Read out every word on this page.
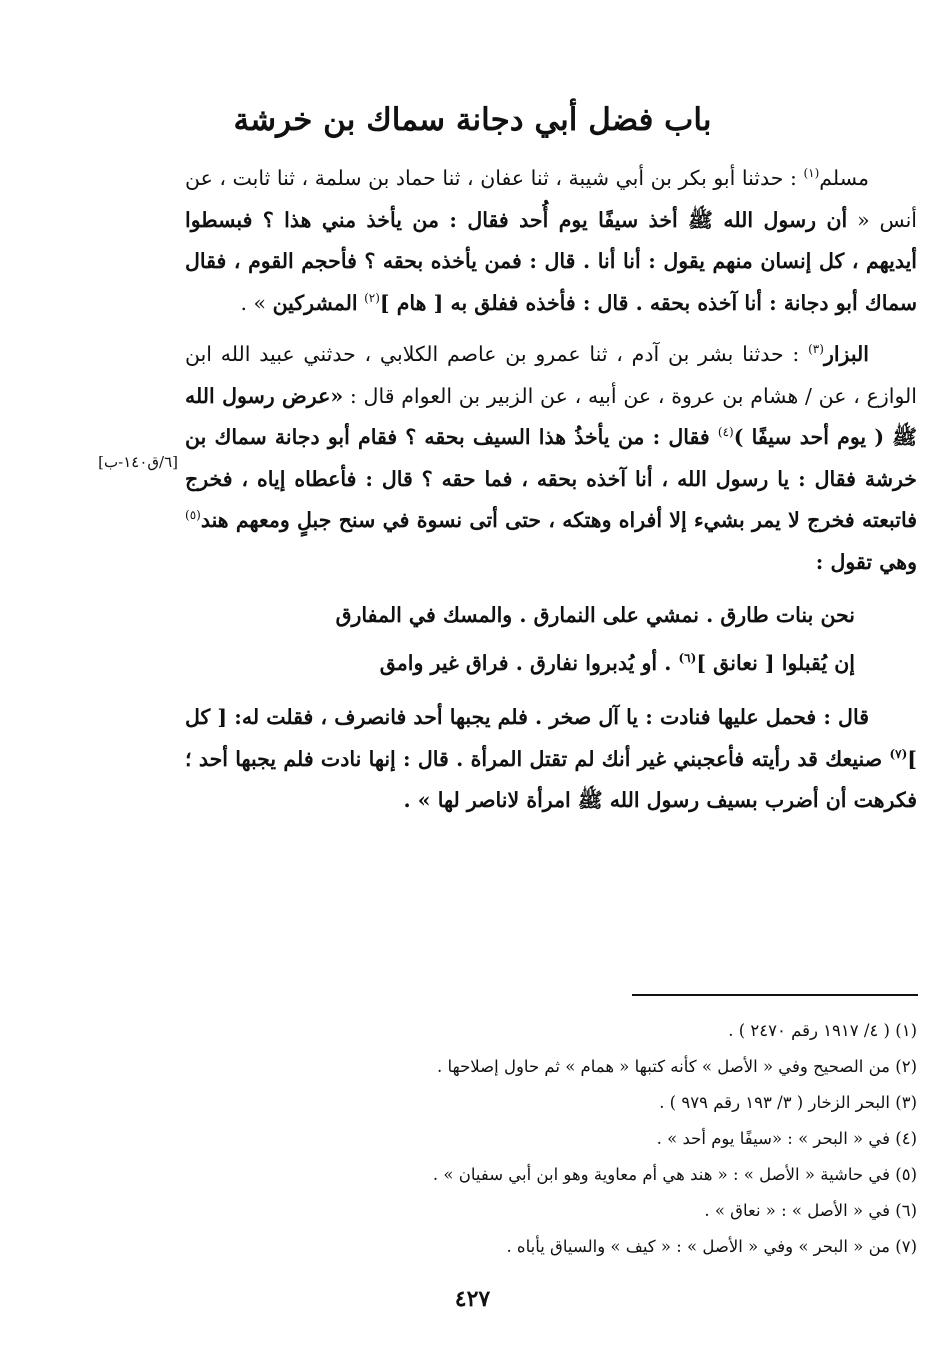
باب فضل أبي دجانة سماك بن خرشة

مسلم$^{(١)}$ : حدثنا أبو بكر بن أبي شيبة ، ثنا عفان ، ثنا حماد بن سلمة ، ثنا ثابت ، عن أنس « أن رسول الله ﷺ أخذ سيفًا يوم أُحد فقال : من يأخذ مني هذا ؟ فبسطوا أيديهم ، كل إنسان منهم يقول : أنا أنا . قال : فمن يأخذه بحقه ؟ فأحجم القوم ، فقال سماك أبو دجانة : أنا آخذه بحقه . قال : فأخذه ففلق به [ هام ]$^{(٢)}$ المشركين » .

البزار$^{(٣)}$ : حدثنا بشر بن آدم ، ثنا عمرو بن عاصم الكلابي ، حدثني عبيد الله ابن الوازع ، عن / هشام بن عروة ، عن أبيه ، عن الزبير بن العوام قال : «عرض رسول الله ﷺ ( يوم أحد سيفًا )$^{(٤)}$ فقال : من يأخذُ هذا السيف بحقه ؟ فقام أبو دجانة سماك بن خرشة فقال : يا رسول الله ، أنا آخذه بحقه ، فما حقه ؟ قال : فأعطاه إياه ، فخرج فاتبعته فخرج لا يمر بشيء إلا أفراه وهتكه ، حتى أتى نسوة في سنح جبلٍ ومعهم هند$^{(٥)}$ وهي تقول :

نحن بنات طارق . نمشي على النمارق . والمسك في المفارق
إن يُقبلوا [ نعانق ]$^{(٦)}$ . أو يُدبروا نفارق . فراق غير وامق

قال : فحمل عليها فنادت : يا آل صخر . فلم يجبها أحد فانصرف ، فقلت له: [ كل ]$^{(٧)}$ صنيعك قد رأيته فأعجبني غير أنك لم تقتل المرأة . قال : إنها نادت فلم يجبها أحد ؛ فكرهت أن أضرب بسيف رسول الله ﷺ امرأة لاناصر لها » .

[٦/ق١٤٠-ب]
(١) ( ٤/ ١٩١٧ رقم ٢٤٧٠ ) .
(٢) من الصحيح وفي « الأصل » كأنه كتبها « همام » ثم حاول إصلاحها .
(٣) البحر الزخار ( ٣/ ١٩٣ رقم ٩٧٩ ) .
(٤) في « البحر » : «سيفًا يوم أحد » .
(٥) في حاشية « الأصل » : « هند هي أم معاوية وهو ابن أبي سفيان » .
(٦) في « الأصل » : « نعاق » .
(٧) من « البحر » وفي « الأصل » : « كيف » والسياق يأباه .
٤٢٧
